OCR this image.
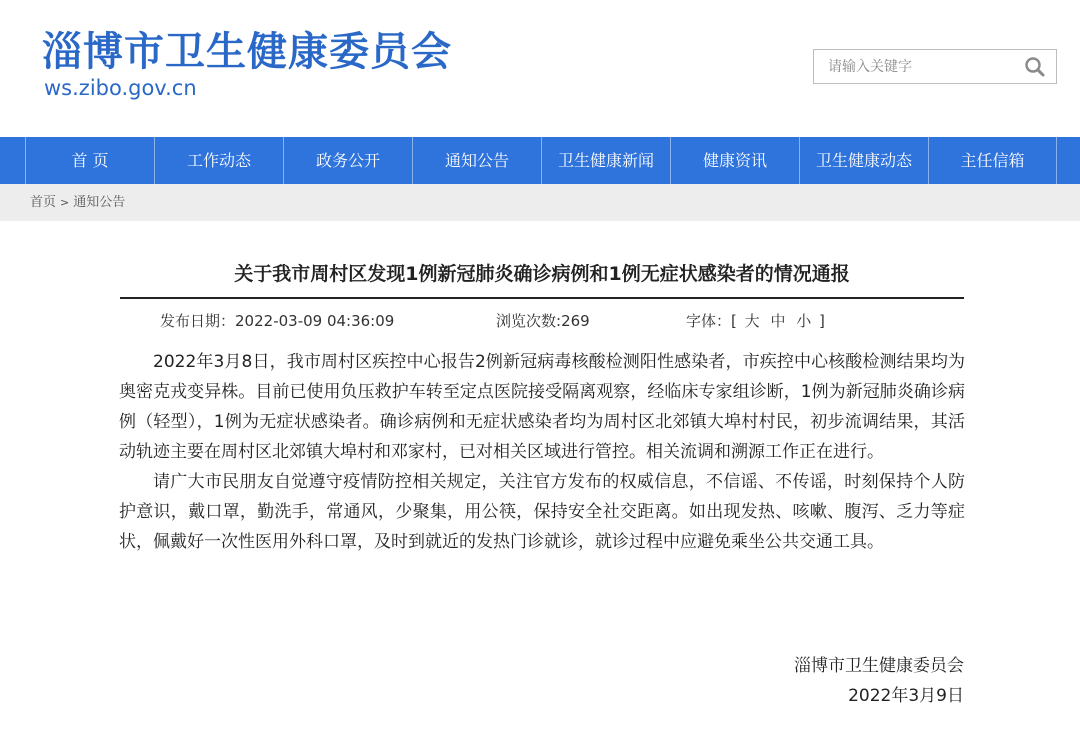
淄博市卫生健康委员会
ws.zibo.gov.cn
请输入关键字
首 页	工作动态	政务公开	通知公告	卫生健康新闻	健康资讯	卫生健康动态	主任信箱
首页 > 通知公告
关于我市周村区发现1例新冠肺炎确诊病例和1例无症状感染者的情况通报
发布日期：2022-03-09 04:36:09	浏览次数:269	字体：[ 大 中 小 ]

2022年3月8日，我市周村区疾控中心报告2例新冠病毒核酸检测阳性感染者，市疾控中心核酸检测结果均为奥密克戎变异株。目前已使用负压救护车转至定点医院接受隔离观察，经临床专家组诊断，1例为新冠肺炎确诊病例（轻型），1例为无症状感染者。确诊病例和无症状感染者均为周村区北郊镇大埠村村民，初步流调结果，其活动轨迹主要在周村区北郊镇大埠村和邓家村，已对相关区域进行管控。相关流调和溯源工作正在进行。

请广大市民朋友自觉遵守疫情防控相关规定，关注官方发布的权威信息，不信谣、不传谣，时刻保持个人防护意识，戴口罩，勤洗手，常通风，少聚集，用公筷，保持安全社交距离。如出现发热、咳嗽、腹泻、乏力等症状，佩戴好一次性医用外科口罩，及时到就近的发热门诊就诊，就诊过程中应避免乘坐公共交通工具。

淄博市卫生健康委员会
2022年3月9日
